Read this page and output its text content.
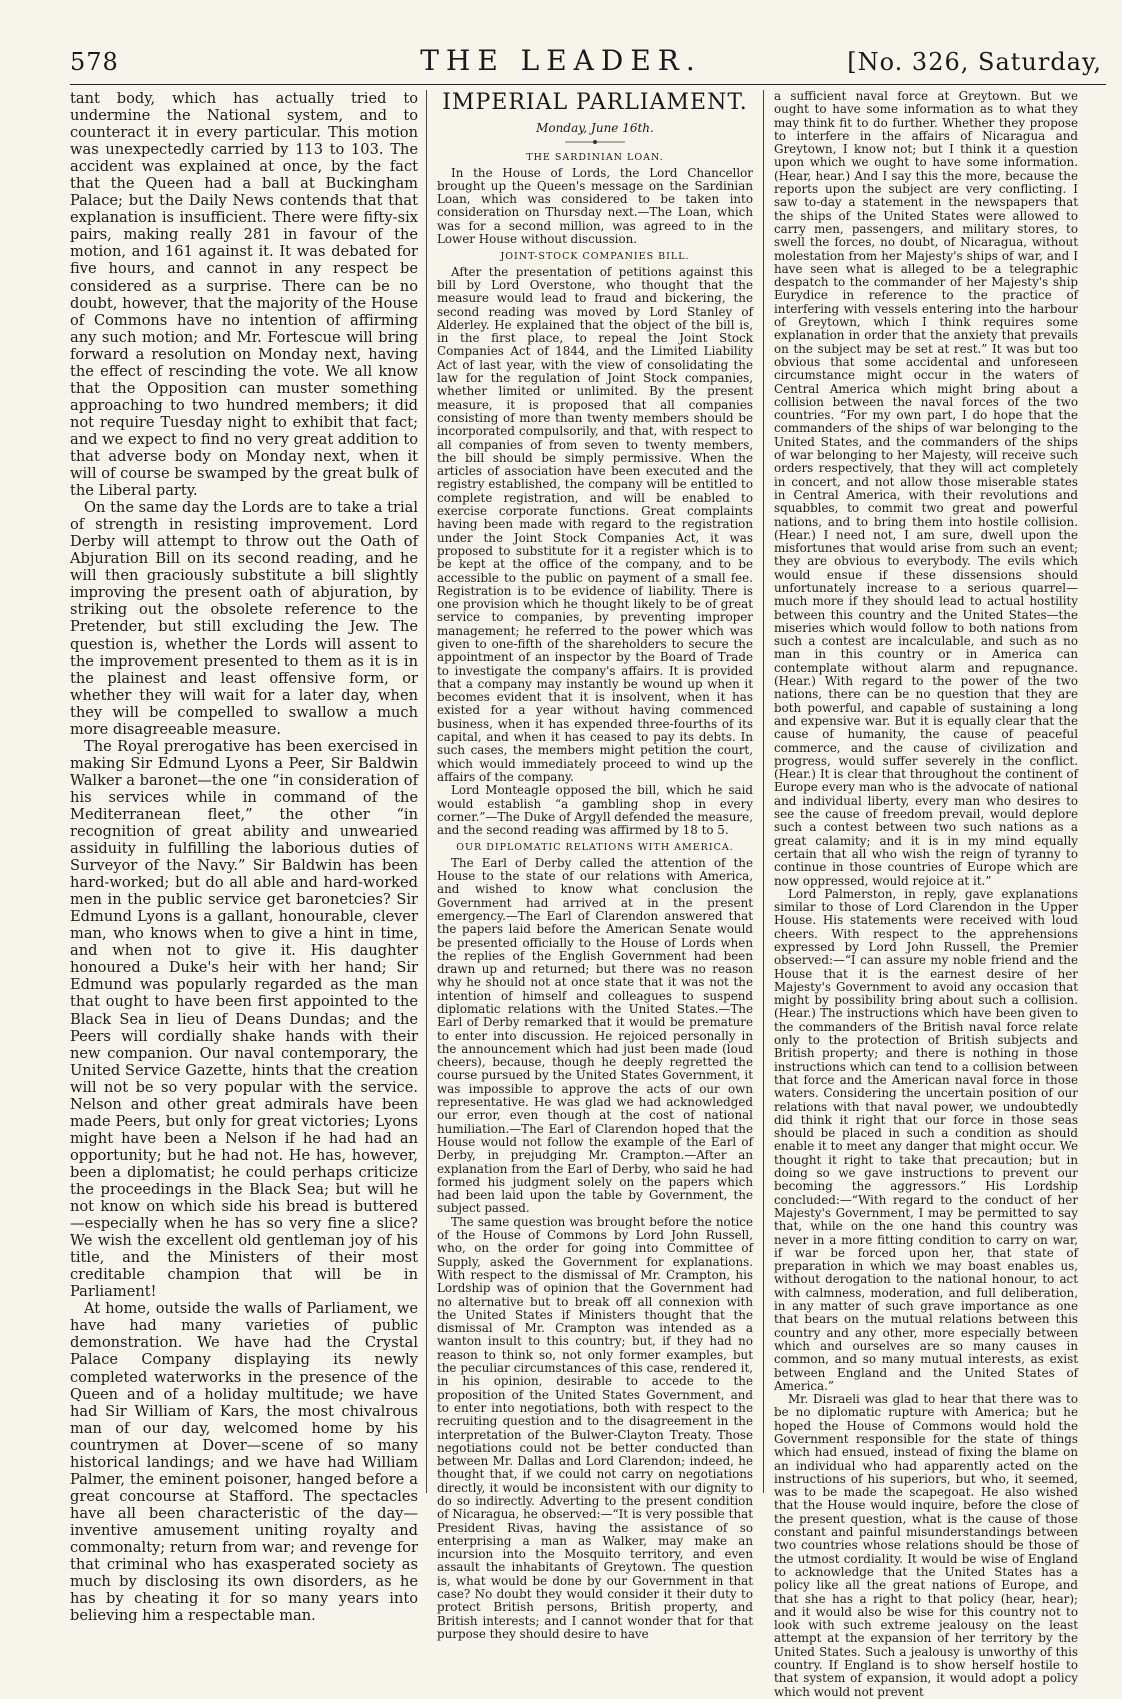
578	THE LEADER.	[No. 326, Saturday,

tant body, which has actually tried to undermine the National system, and to counteract it in every particular. This motion was unexpectedly carried by 113 to 103. The accident was explained at once, by the fact that the Queen had a ball at Buckingham Palace; but the Daily News contends that that explanation is insufficient. There were fifty-six pairs, making really 281 in favour of the motion, and 161 against it. It was debated for five hours, and cannot in any respect be considered as a surprise. There can be no doubt, however, that the majority of the House of Commons have no intention of affirming any such motion; and Mr. Fortescue will bring forward a resolution on Monday next, having the effect of rescinding the vote. We all know that the Opposition can muster something approaching to two hundred members; it did not require Tuesday night to exhibit that fact; and we expect to find no very great addition to that adverse body on Monday next, when it will of course be swamped by the great bulk of the Liberal party.

On the same day the Lords are to take a trial of strength in resisting improvement. Lord Derby will attempt to throw out the Oath of Abjuration Bill on its second reading, and he will then graciously substitute a bill slightly improving the present oath of abjuration, by striking out the obsolete reference to the Pretender, but still excluding the Jew. The question is, whether the Lords will assent to the improvement presented to them as it is in the plainest and least offensive form, or whether they will wait for a later day, when they will be compelled to swallow a much more disagreeable measure.

The Royal prerogative has been exercised in making Sir Edmund Lyons a Peer, Sir Baldwin Walker a baronet—the one “in consideration of his services while in command of the Mediterranean fleet,” the other “in recognition of great ability and unwearied assiduity in fulfilling the laborious duties of Surveyor of the Navy.” Sir Baldwin has been hard-worked; but do all able and hard-worked men in the public service get baronetcies? Sir Edmund Lyons is a gallant, honourable, clever man, who knows when to give a hint in time, and when not to give it. His daughter honoured a Duke's heir with her hand; Sir Edmund was popularly regarded as the man that ought to have been first appointed to the Black Sea in lieu of Deans Dundas; and the Peers will cordially shake hands with their new companion. Our naval contemporary, the United Service Gazette, hints that the creation will not be so very popular with the service. Nelson and other great admirals have been made Peers, but only for great victories; Lyons might have been a Nelson if he had had an opportunity; but he had not. He has, however, been a diplomatist; he could perhaps criticize the proceedings in the Black Sea; but will he not know on which side his bread is buttered—especially when he has so very fine a slice? We wish the excellent old gentleman joy of his title, and the Ministers of their most creditable champion that will be in Parliament!

At home, outside the walls of Parliament, we have had many varieties of public demonstration. We have had the Crystal Palace Company displaying its newly completed waterworks in the presence of the Queen and of a holiday multitude; we have had Sir William of Kars, the most chivalrous man of our day, welcomed home by his countrymen at Dover—scene of so many historical landings; and we have had William Palmer, the eminent poisoner, hanged before a great concourse at Stafford. The spectacles have all been characteristic of the day—inventive amusement uniting royalty and commonalty; return from war; and revenge for that criminal who has exasperated society as much by disclosing its own disorders, as he has by cheating it for so many years into believing him a respectable man.

IMPERIAL PARLIAMENT.
Monday, June 16th.
THE SARDINIAN LOAN.

In the House of Lords, the Lord Chancellor brought up the Queen's message on the Sardinian Loan, which was considered to be taken into consideration on Thursday next.—The Loan, which was for a second million, was agreed to in the Lower House without discussion.

JOINT-STOCK COMPANIES BILL.

After the presentation of petitions against this bill by Lord Overstone, who thought that the measure would lead to fraud and bickering, the second reading was moved by Lord Stanley of Alderley. He explained that the object of the bill is, in the first place, to repeal the Joint Stock Companies Act of 1844, and the Limited Liability Act of last year, with the view of consolidating the law for the regulation of Joint Stock companies, whether limited or unlimited. By the present measure, it is proposed that all companies consisting of more than twenty members should be incorporated compulsorily, and that, with respect to all companies of from seven to twenty members, the bill should be simply permissive. When the articles of association have been executed and the registry established, the company will be entitled to complete registration, and will be enabled to exercise corporate functions. Great complaints having been made with regard to the registration under the Joint Stock Companies Act, it was proposed to substitute for it a register which is to be kept at the office of the company, and to be accessible to the public on payment of a small fee. Registration is to be evidence of liability. There is one provision which he thought likely to be of great service to companies, by preventing improper management; he referred to the power which was given to one-fifth of the shareholders to secure the appointment of an inspector by the Board of Trade to investigate the company's affairs. It is provided that a company may instantly be wound up when it becomes evident that it is insolvent, when it has existed for a year without having commenced business, when it has expended three-fourths of its capital, and when it has ceased to pay its debts. In such cases, the members might petition the court, which would immediately proceed to wind up the affairs of the company.

Lord Monteagle opposed the bill, which he said would establish “a gambling shop in every corner.”—The Duke of Argyll defended the measure, and the second reading was affirmed by 18 to 5.

OUR DIPLOMATIC RELATIONS WITH AMERICA.

The Earl of Derby called the attention of the House to the state of our relations with America, and wished to know what conclusion the Government had arrived at in the present emergency.—The Earl of Clarendon answered that the papers laid before the American Senate would be presented officially to the House of Lords when the replies of the English Government had been drawn up and returned; but there was no reason why he should not at once state that it was not the intention of himself and colleagues to suspend diplomatic relations with the United States.—The Earl of Derby remarked that it would be premature to enter into discussion. He rejoiced personally in the announcement which had just been made (loud cheers), because, though he deeply regretted the course pursued by the United States Government, it was impossible to approve the acts of our own representative. He was glad we had acknowledged our error, even though at the cost of national humiliation.—The Earl of Clarendon hoped that the House would not follow the example of the Earl of Derby, in prejudging Mr. Crampton.—After an explanation from the Earl of Derby, who said he had formed his judgment solely on the papers which had been laid upon the table by Government, the subject passed.

The same question was brought before the notice of the House of Commons by Lord John Russell, who, on the order for going into Committee of Supply, asked the Government for explanations. With respect to the dismissal of Mr. Crampton, his Lordship was of opinion that the Government had no alternative but to break off all connexion with the United States if Ministers thought that the dismissal of Mr. Crampton was intended as a wanton insult to this country; but, if they had no reason to think so, not only former examples, but the peculiar circumstances of this case, rendered it, in his opinion, desirable to accede to the proposition of the United States Government, and to enter into negotiations, both with respect to the recruiting question and to the disagreement in the interpretation of the Bulwer-Clayton Treaty. Those negotiations could not be better conducted than between Mr. Dallas and Lord Clarendon; indeed, he thought that, if we could not carry on negotiations directly, it would be inconsistent with our dignity to do so indirectly. Adverting to the present condition of Nicaragua, he observed:—“It is very possible that President Rivas, having the assistance of so enterprising a man as Walker, may make an incursion into the Mosquito territory, and even assault the inhabitants of Greytown. The question is, what would be done by our Government in that case? No doubt they would consider it their duty to protect British persons, British property, and British interests; and I cannot wonder that for that purpose they should desire to have

a sufficient naval force at Greytown. But we ought to have some information as to what they may think fit to do further. Whether they propose to interfere in the affairs of Nicaragua and Greytown, I know not; but I think it a question upon which we ought to have some information. (Hear, hear.) And I say this the more, because the reports upon the subject are very conflicting. I saw to-day a statement in the newspapers that the ships of the United States were allowed to carry men, passengers, and military stores, to swell the forces, no doubt, of Nicaragua, without molestation from her Majesty's ships of war, and I have seen what is alleged to be a telegraphic despatch to the commander of her Majesty's ship Eurydice in reference to the practice of interfering with vessels entering into the harbour of Greytown, which I think requires some explanation in order that the anxiety that prevails on the subject may be set at rest.” It was but too obvious that some accidental and unforeseen circumstance might occur in the waters of Central America which might bring about a collision between the naval forces of the two countries. “For my own part, I do hope that the commanders of the ships of war belonging to the United States, and the commanders of the ships of war belonging to her Majesty, will receive such orders respectively, that they will act completely in concert, and not allow those miserable states in Central America, with their revolutions and squabbles, to commit two great and powerful nations, and to bring them into hostile collision. (Hear.) I need not, I am sure, dwell upon the misfortunes that would arise from such an event; they are obvious to everybody. The evils which would ensue if these dissensions should unfortunately increase to a serious quarrel—much more if they should lead to actual hostility between this country and the United States—the miseries which would follow to both nations from such a contest are incalculable, and such as no man in this country or in America can contemplate without alarm and repugnance. (Hear.) With regard to the power of the two nations, there can be no question that they are both powerful, and capable of sustaining a long and expensive war. But it is equally clear that the cause of humanity, the cause of peaceful commerce, and the cause of civilization and progress, would suffer severely in the conflict. (Hear.) It is clear that throughout the continent of Europe every man who is the advocate of national and individual liberty, every man who desires to see the cause of freedom prevail, would deplore such a contest between two such nations as a great calamity; and it is in my mind equally certain that all who wish the reign of tyranny to continue in those countries of Europe which are now oppressed, would rejoice at it.”

Lord Palmerston, in reply, gave explanations similar to those of Lord Clarendon in the Upper House. His statements were received with loud cheers. With respect to the apprehensions expressed by Lord John Russell, the Premier observed:—“I can assure my noble friend and the House that it is the earnest desire of her Majesty's Government to avoid any occasion that might by possibility bring about such a collision. (Hear.) The instructions which have been given to the commanders of the British naval force relate only to the protection of British subjects and British property; and there is nothing in those instructions which can tend to a collision between that force and the American naval force in those waters. Considering the uncertain position of our relations with that naval power, we undoubtedly did think it right that our force in those seas should be placed in such a condition as should enable it to meet any danger that might occur. We thought it right to take that precaution; but in doing so we gave instructions to prevent our becoming the aggressors.” His Lordship concluded:—“With regard to the conduct of her Majesty's Government, I may be permitted to say that, while on the one hand this country was never in a more fitting condition to carry on war, if war be forced upon her, that state of preparation in which we may boast enables us, without derogation to the national honour, to act with calmness, moderation, and full deliberation, in any matter of such grave importance as one that bears on the mutual relations between this country and any other, more especially between which and ourselves are so many causes in common, and so many mutual interests, as exist between England and the United States of America.”

Mr. Disraeli was glad to hear that there was to be no diplomatic rupture with America; but he hoped the House of Commons would hold the Government responsible for the state of things which had ensued, instead of fixing the blame on an individual who had apparently acted on the instructions of his superiors, but who, it seemed, was to be made the scapegoat. He also wished that the House would inquire, before the close of the present question, what is the cause of those constant and painful misunderstandings between two countries whose relations should be those of the utmost cordiality. It would be wise of England to acknowledge that the United States has a policy like all the great nations of Europe, and that she has a right to that policy (hear, hear); and it would also be wise for this country not to look with such extreme jealousy on the least attempt at the expansion of her territory by the United States. Such a jealousy is unworthy of this country. If England is to show herself hostile to that system of expansion, it would adopt a policy which would not prevent
